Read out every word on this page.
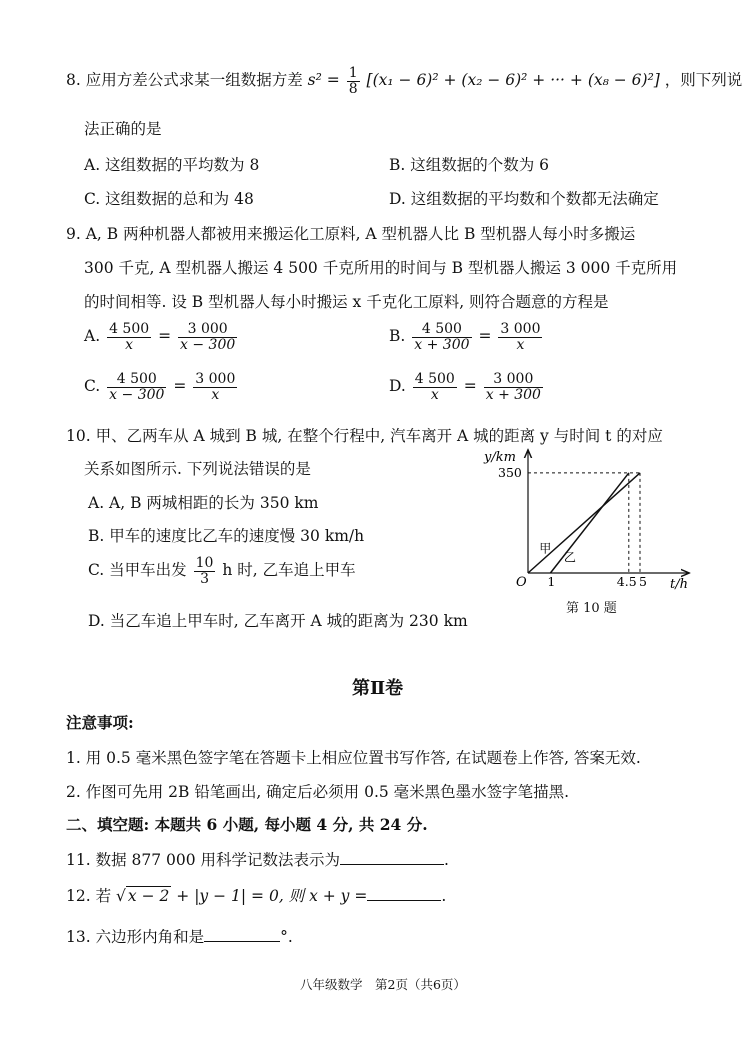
8. 应用方差公式求某一组数据方差 $s^2 = \frac{1}{8} [(x_1 - 6)^2 + (x_2 - 6)^2$ + ··· + (x₈ − 6)²] ，则下列说
法正确的是
A. 这组数据的平均数为 8	B. 这组数据的个数为 6
C. 这组数据的总和为 48	D. 这组数据的平均数和个数都无法确定
9. A, B 两种机器人都被用来搬运化工原料, A 型机器人比 B 型机器人每小时多搬运
300 千克, A 型机器人搬运 4 500 千克所用的时间与 B 型机器人搬运 3 000 千克所用
的时间相等. 设 B 型机器人每小时搬运 x 千克化工原料, 则符合题意的方程是
A. $\frac{4 500}{x} = \frac{3 000}{x - 300}$	B. $\frac{4 500}{x + 300} = \frac{3 000}{x}$
C. $\frac{4 500}{x - 300} = \frac{3 000}{x}$	D. $\frac{4 500}{x} = \frac{3 000}{x + 300}$
10. 甲、乙两车从 A 城到 B 城, 在整个行程中, 汽车离开 A 城的距离 y 与时间 t 的对应
关系如图所示. 下列说法错误的是
A. A, B 两城相距的长为 350 km
B. 甲车的速度比乙车的速度慢 30 km/h
C. 当甲车出发 $\frac{10}{3}$ h 时, 乙车追上甲车
D. 当乙车追上甲车时, 乙车离开 A 城的距离为 230 km
甲
乙
y/km
t/h
O
350
1	4.5 5
第 10 题
第Ⅱ卷
注意事项:
1. 用 0.5 毫米黑色签字笔在答题卡上相应位置书写作答, 在试题卷上作答, 答案无效.
2. 作图可先用 2B 铅笔画出, 确定后必须用 0.5 毫米黑色墨水签字笔描黑.
二、填空题: 本题共 6 小题, 每小题 4 分, 共 24 分.
11. 数据 877 000 用科学记数法表示为	.
12. 若 √ x − 2 + |y − 1| = 0, 则 x + y =	.
13. 六边形内角和是	°.
八年级数学　第2页（共6页）
